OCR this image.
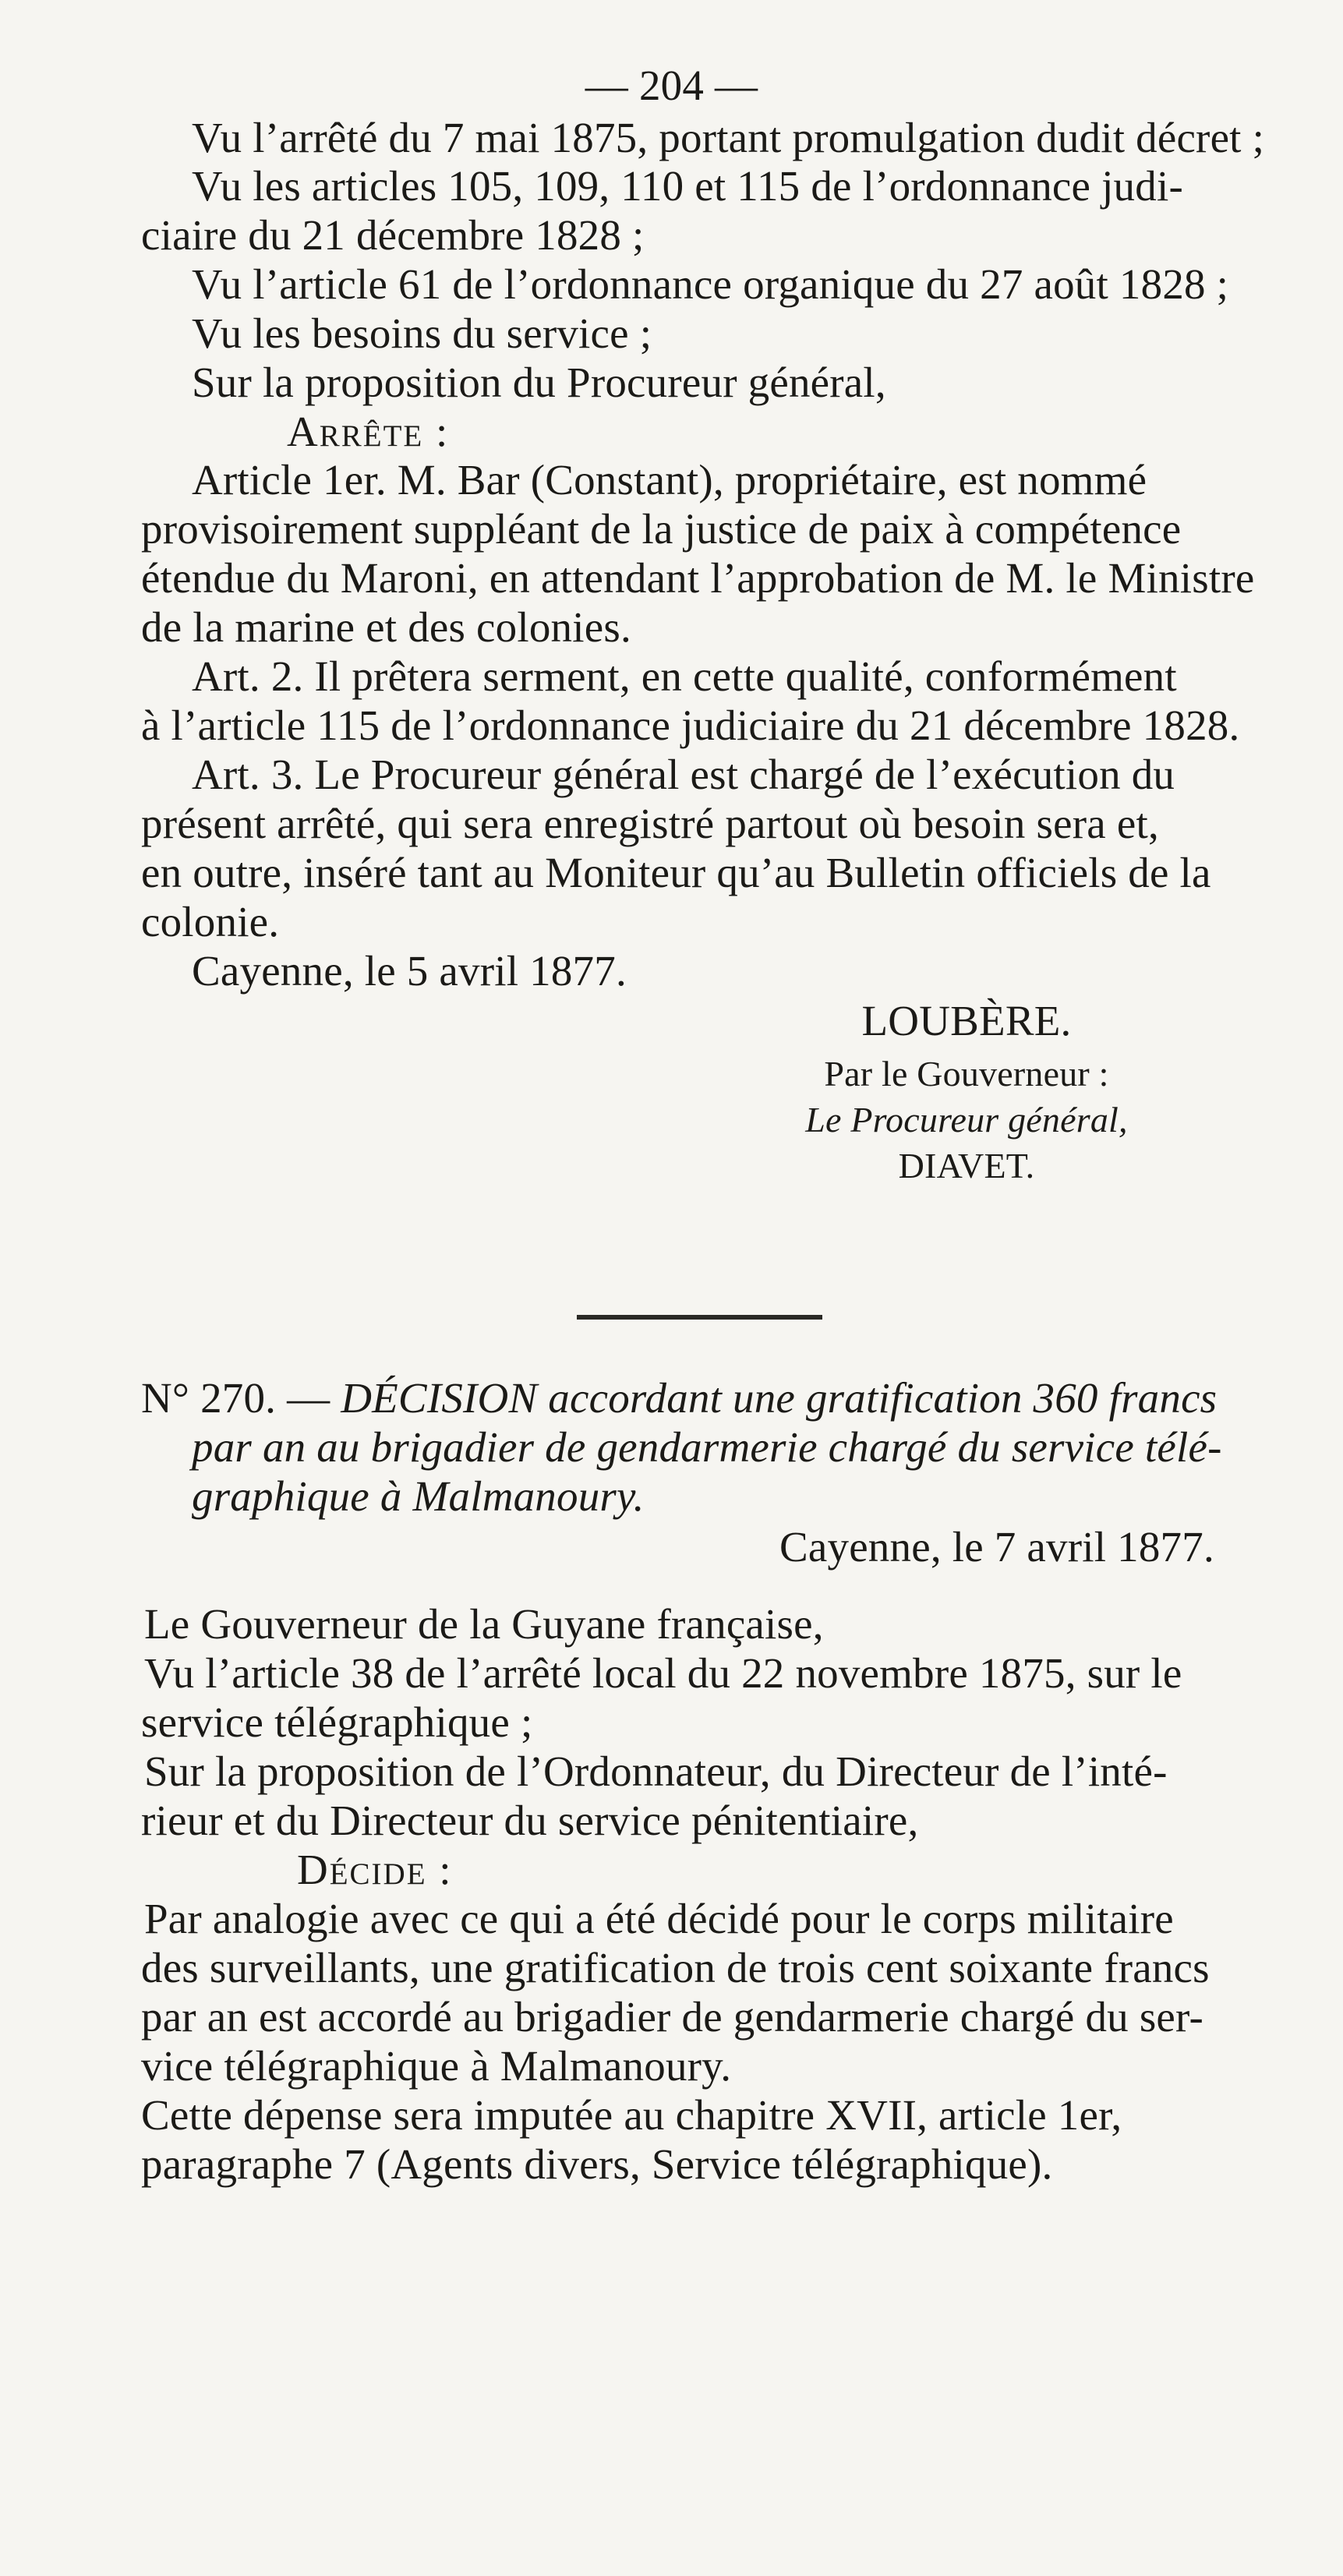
— 204 —
Vu l’arrêté du 7 mai 1875, portant promulgation dudit décret ;
Vu les articles 105, 109, 110 et 115 de l’ordonnance judi-
ciaire du 21 décembre 1828 ;
Vu l’article 61 de l’ordonnance organique du 27 août 1828 ;
Vu les besoins du service ;
Sur la proposition du Procureur général,
Arrête :
Article 1er. M. Bar (Constant), propriétaire, est nommé
provisoirement suppléant de la justice de paix à compétence
étendue du Maroni, en attendant l’approbation de M. le Ministre
de la marine et des colonies.
Art. 2. Il prêtera serment, en cette qualité, conformément
à l’article 115 de l’ordonnance judiciaire du 21 décembre 1828.
Art. 3. Le Procureur général est chargé de l’exécution du
présent arrêté, qui sera enregistré partout où besoin sera et,
en outre, inséré tant au Moniteur qu’au Bulletin officiels de la
colonie.
Cayenne, le 5 avril 1877.
LOUBÈRE.
Par le Gouverneur :
Le Procureur général,
DIAVET.
N° 270. — DÉCISION accordant une gratification 360 francs
par an au brigadier de gendarmerie chargé du service télé-
graphique à Malmanoury.
Cayenne, le 7 avril 1877.
Le Gouverneur de la Guyane française,
Vu l’article 38 de l’arrêté local du 22 novembre 1875, sur le
service télégraphique ;
Sur la proposition de l’Ordonnateur, du Directeur de l’inté-
rieur et du Directeur du service pénitentiaire,
Décide :
Par analogie avec ce qui a été décidé pour le corps militaire
des surveillants, une gratification de trois cent soixante francs
par an est accordé au brigadier de gendarmerie chargé du ser-
vice télégraphique à Malmanoury.
Cette dépense sera imputée au chapitre XVII, article 1er,
paragraphe 7 (Agents divers, Service télégraphique).
